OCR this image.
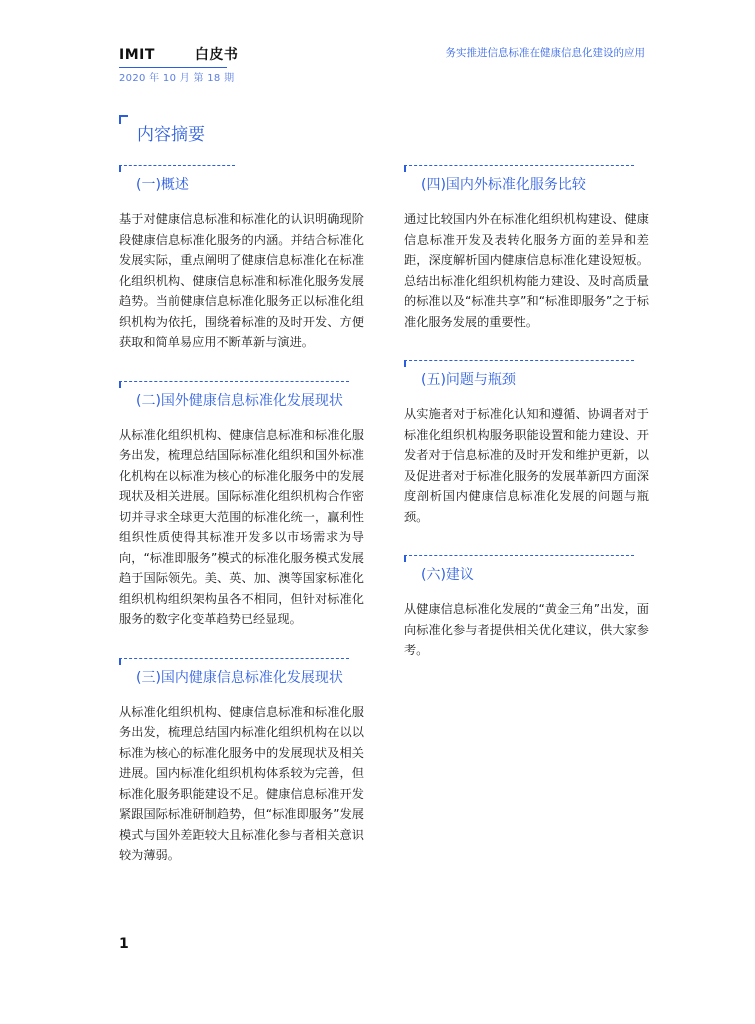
IMIT	白皮书
2020 年 10 月 第 18 期
务实推进信息标准在健康信息化建设的应用
内容摘要
(一)概述
基于对健康信息标准和标准化的认识明确现阶段健康信息标准化服务的内涵。并结合标准化发展实际，重点阐明了健康信息标准化在标准化组织机构、健康信息标准和标准化服务发展趋势。当前健康信息标准化服务正以标准化组织机构为依托，围绕着标准的及时开发、方便获取和简单易应用不断革新与演进。
(二)国外健康信息标准化发展现状
从标准化组织机构、健康信息标准和标准化服务出发，梳理总结国际标准化组织和国外标准化机构在以标准为核心的标准化服务中的发展现状及相关进展。国际标准化组织机构合作密切并寻求全球更大范围的标准化统一，赢利性组织性质使得其标准开发多以市场需求为导向，“标准即服务”模式的标准化服务模式发展趋于国际领先。美、英、加、澳等国家标准化组织机构组织架构虽各不相同，但针对标准化服务的数字化变革趋势已经显现。
(三)国内健康信息标准化发展现状
从标准化组织机构、健康信息标准和标准化服务出发，梳理总结国内标准化组织机构在以以标准为核心的标准化服务中的发展现状及相关进展。国内标准化组织机构体系较为完善，但标准化服务职能建设不足。健康信息标准开发紧跟国际标准研制趋势，但“标准即服务”发展模式与国外差距较大且标准化参与者相关意识较为薄弱。
(四)国内外标准化服务比较
通过比较国内外在标准化组织机构建设、健康信息标准开发及表转化服务方面的差异和差距，深度解析国内健康信息标准化建设短板。总结出标准化组织机构能力建设、及时高质量的标准以及“标准共享”和“标准即服务”之于标准化服务发展的重要性。
(五)问题与瓶颈
从实施者对于标准化认知和遵循、协调者对于标准化组织机构服务职能设置和能力建设、开发者对于信息标准的及时开发和维护更新，以及促进者对于标准化服务的发展革新四方面深度剖析国内健康信息标准化发展的问题与瓶颈。
(六)建议
从健康信息标准化发展的“黄金三角”出发，面向标准化参与者提供相关优化建议，供大家参考。
1
